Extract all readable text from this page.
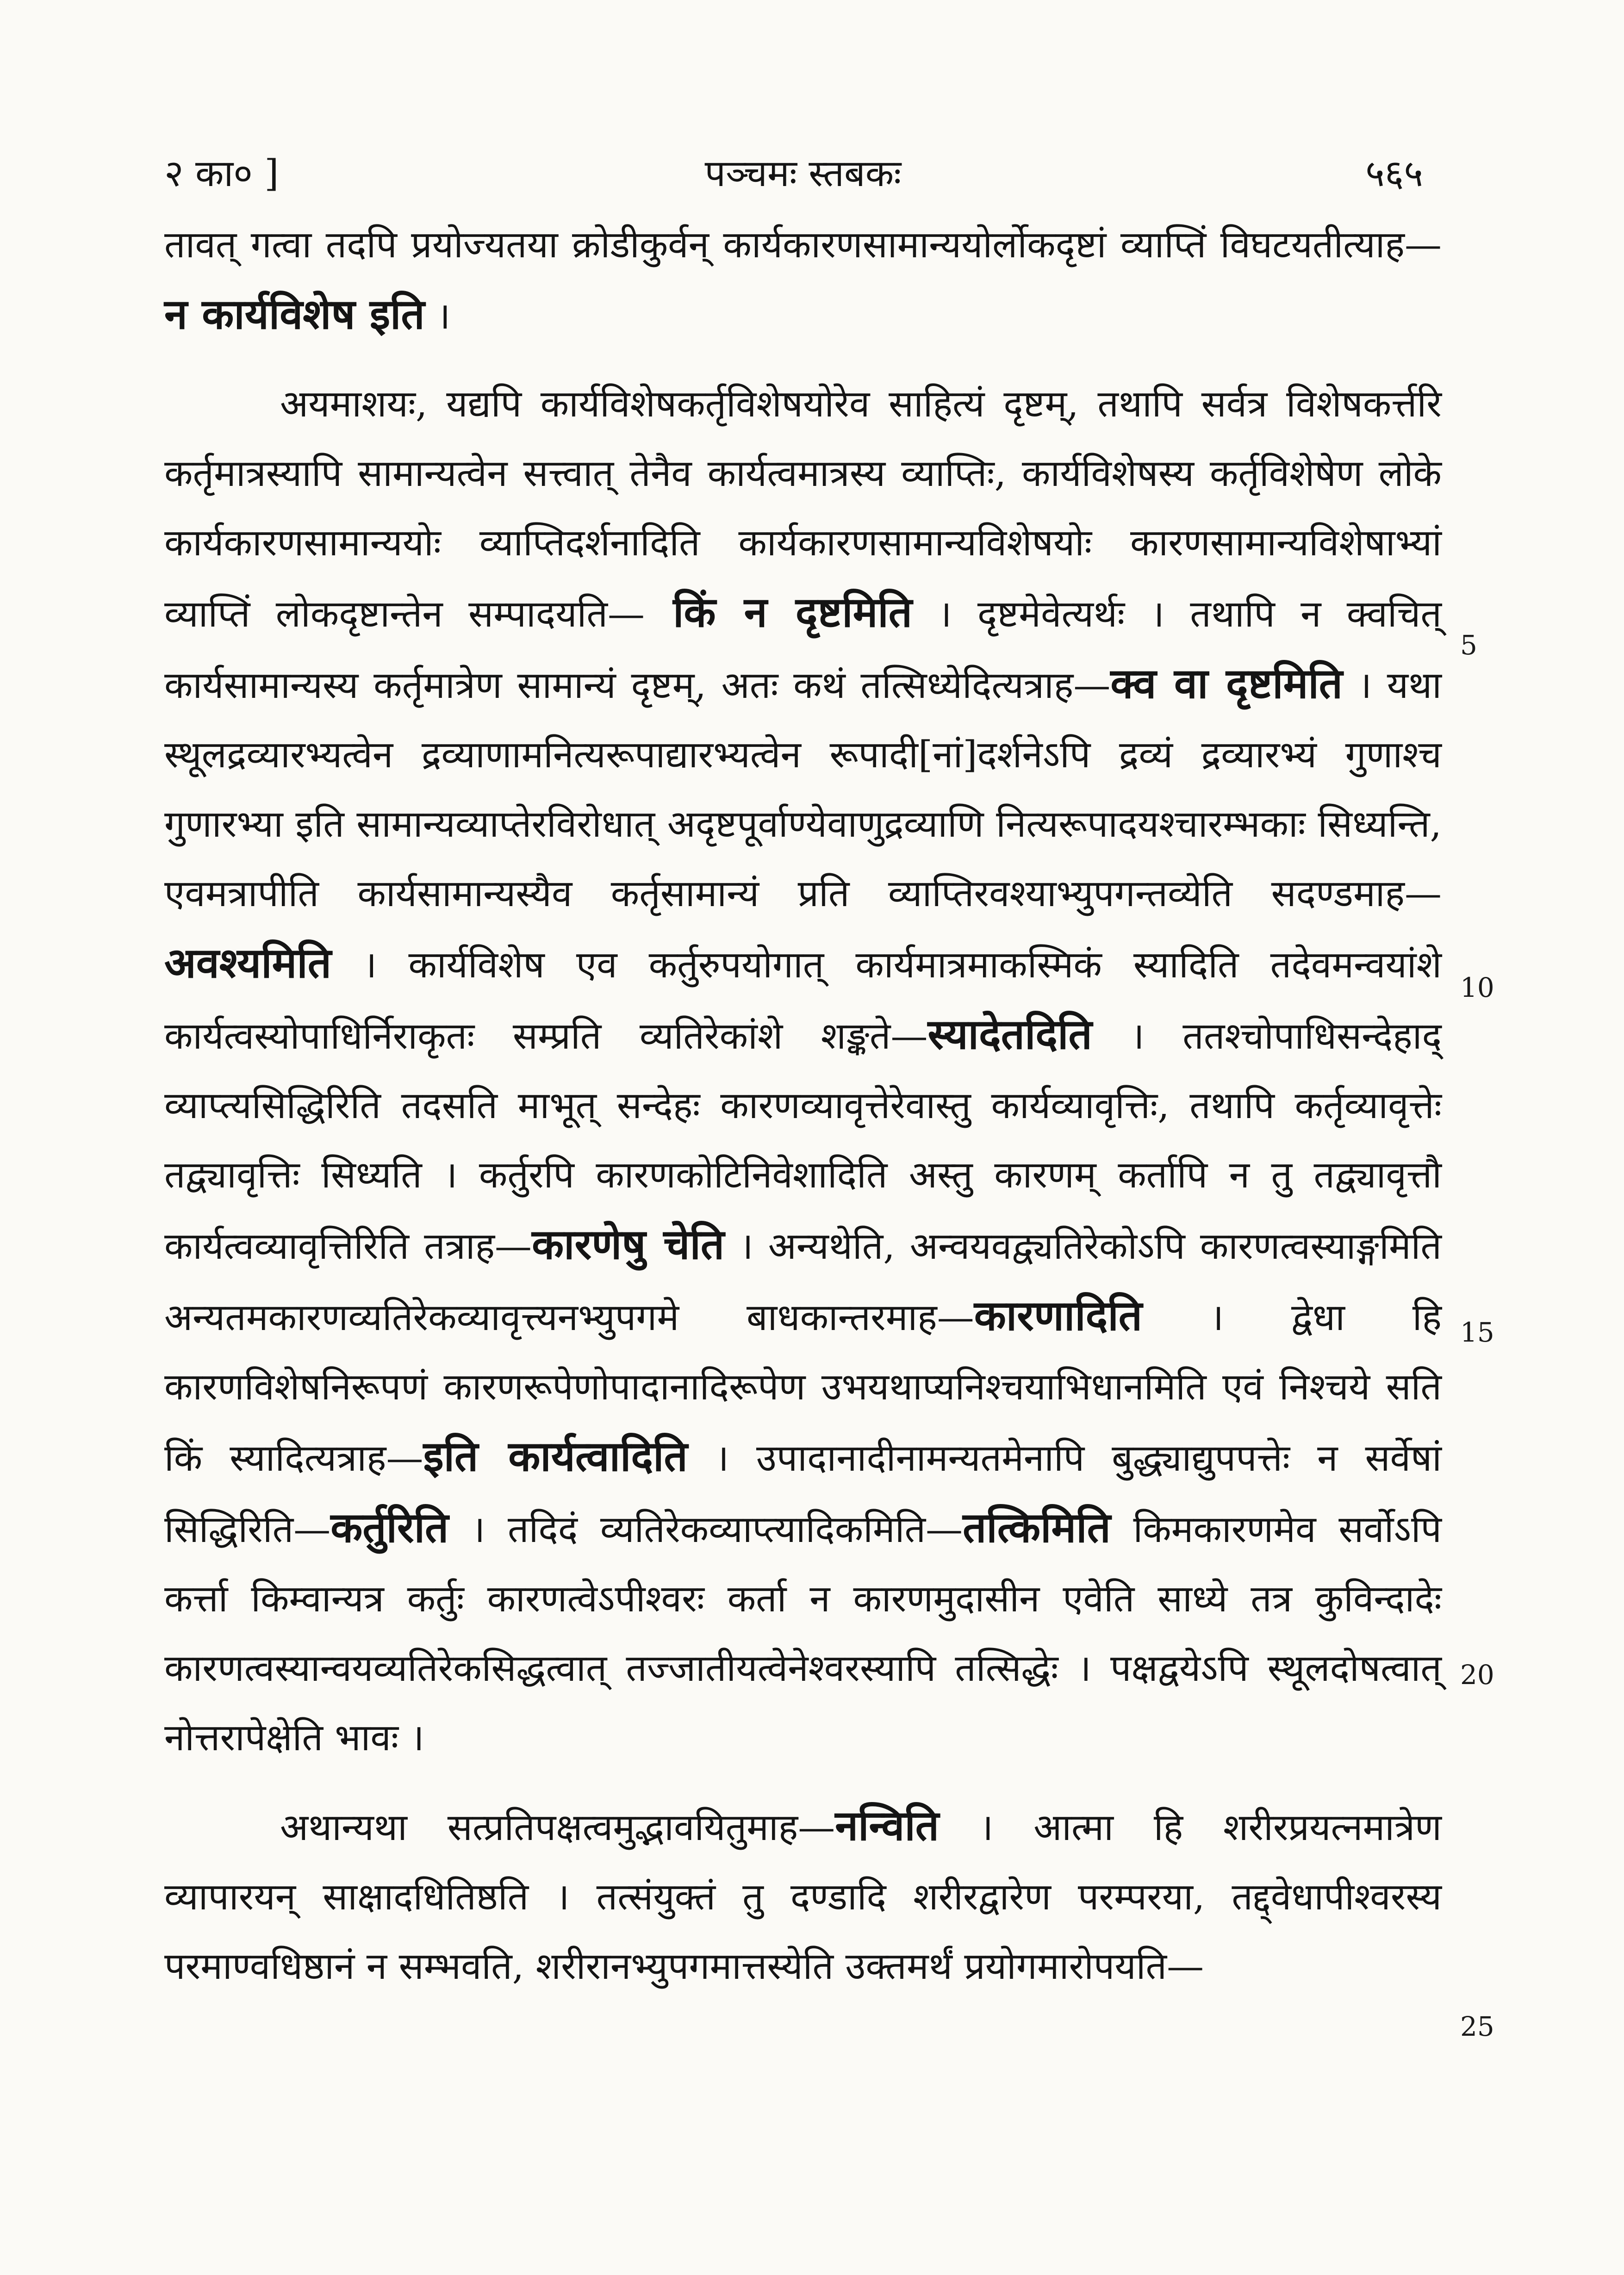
२ का० ]	पञ्चमः स्तबकः	५६५

तावत् गत्वा तदपि प्रयोज्यतया क्रोडीकुर्वन् कार्यकारणसामान्ययोर्लोकदृष्टां व्याप्तिं विघटयतीत्याह— न कार्यविशेष इति ।

अयमाशयः, यद्यपि कार्यविशेषकर्तृविशेषयोरेव साहित्यं दृष्टम्, तथापि सर्वत्र विशेषकर्त्तरि कर्तृमात्रस्यापि सामान्यत्वेन सत्त्वात् तेनैव कार्यत्वमात्रस्य व्याप्तिः, कार्यविशेषस्य कर्तृविशेषेण लोके कार्यकारणसामान्ययोः व्याप्तिदर्शनादिति कार्यकारणसामान्यविशेषयोः कारणसामान्यविशेषाभ्यां व्याप्तिं लोकदृष्टान्तेन सम्पादयति— किं न दृष्टमिति । दृष्टमेवेत्यर्थः । तथापि न क्वचित् कार्यसामान्यस्य कर्तृमात्रेण सामान्यं दृष्टम्, अतः कथं तत्सिध्येदित्यत्राह—क्व वा दृष्टमिति । यथा स्थूलद्रव्यारभ्यत्वेन द्रव्याणामनित्यरूपाद्यारभ्यत्वेन रूपादी[नां]दर्शनेऽपि द्रव्यं द्रव्यारभ्यं गुणाश्च गुणारभ्या इति सामान्यव्याप्तेरविरोधात् अदृष्टपूर्वाण्येवाणुद्रव्याणि नित्यरूपादयश्चारम्भकाः सिध्यन्ति, एवमत्रापीति कार्यसामान्यस्यैव कर्तृसामान्यं प्रति व्याप्तिरवश्याभ्युपगन्तव्येति सदण्डमाह—अवश्यमिति । कार्यविशेष एव कर्तुरुपयोगात् कार्यमात्रमाकस्मिकं स्यादिति तदेवमन्वयांशे कार्यत्वस्योपाधिर्निराकृतः सम्प्रति व्यतिरेकांशे शङ्कते—स्यादेतदिति । ततश्चोपाधिसन्देहाद् व्याप्त्यसिद्धिरिति तदसति माभूत् सन्देहः कारणव्यावृत्तेरेवास्तु कार्यव्यावृत्तिः, तथापि कर्तृव्यावृत्तेः तद्व्यावृत्तिः सिध्यति । कर्तुरपि कारणकोटिनिवेशादिति अस्तु कारणम् कर्तापि न तु तद्व्यावृत्तौ कार्यत्वव्यावृत्तिरिति तत्राह—कारणेषु चेति । अन्यथेति, अन्वयवद्व्यतिरेकोऽपि कारणत्वस्याङ्गमिति अन्यतमकारणव्यतिरेकव्यावृत्त्यनभ्युपगमे बाधकान्तरमाह—कारणादिति । द्वेधा हि कारणविशेषनिरूपणं कारणरूपेणोपादानादिरूपेण उभयथाप्यनिश्चयाभिधानमिति एवं निश्चये सति किं स्यादित्यत्राह—इति कार्यत्वादिति । उपादानादीनामन्यतमेनापि बुद्ध्याद्युपपत्तेः न सर्वेषां सिद्धिरिति—कर्तुरिति । तदिदं व्यतिरेकव्याप्त्यादिकमिति—तत्किमिति किमकारणमेव सर्वोऽपि कर्त्ता किम्वान्यत्र कर्तुः कारणत्वेऽपीश्वरः कर्ता न कारणमुदासीन एवेति साध्ये तत्र कुविन्दादेः कारणत्वस्यान्वयव्यतिरेकसिद्धत्वात् तज्जातीयत्वेनेश्वरस्यापि तत्सिद्धेः । पक्षद्वयेऽपि स्थूलदोषत्वात् नोत्तरापेक्षेति भावः ।

अथान्यथा सत्प्रतिपक्षत्वमुद्भावयितुमाह—नन्विति । आत्मा हि शरीरप्रयत्नमात्रेण व्यापारयन् साक्षादधितिष्ठति । तत्संयुक्तं तु दण्डादि शरीरद्वारेण परम्परया, तद्द्वेधापीश्वरस्य परमाण्वधिष्ठानं न सम्भवति, शरीरानभ्युपगमात्तस्येति उक्तमर्थं प्रयोगमारोपयति—

5
10
15
20
25
